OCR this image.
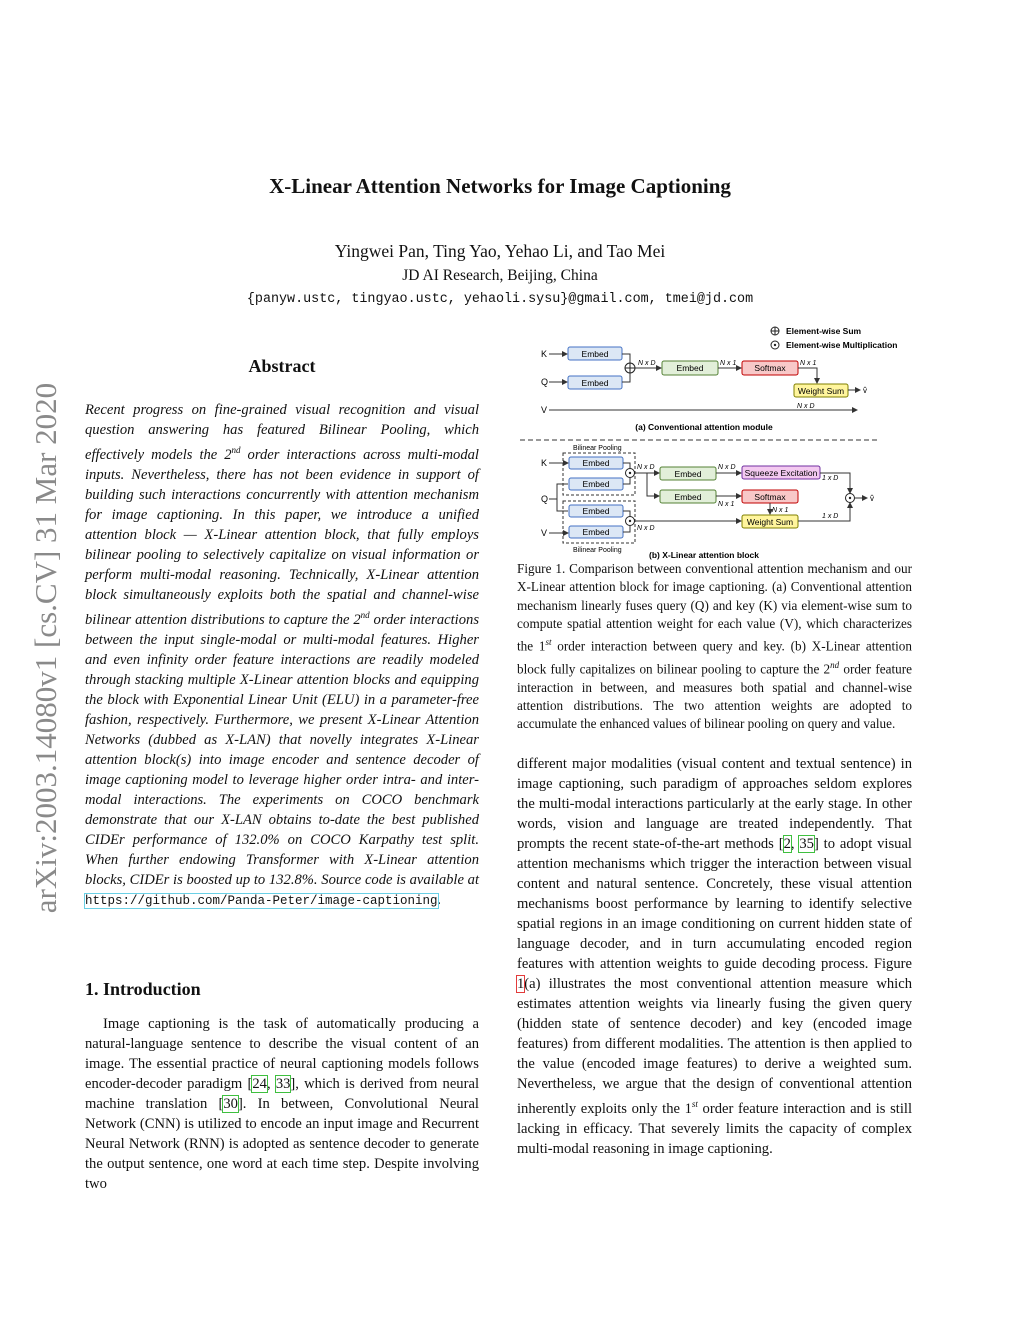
X-Linear Attention Networks for Image Captioning
Yingwei Pan, Ting Yao, Yehao Li, and Tao Mei
JD AI Research, Beijing, China
{panyw.ustc, tingyao.ustc, yehaoli.sysu}@gmail.com, tmei@jd.com
arXiv:2003.14080v1 [cs.CV] 31 Mar 2020
Abstract
Recent progress on fine-grained visual recognition and visual question answering has featured Bilinear Pooling, which effectively models the 2nd order interactions across multi-modal inputs. Nevertheless, there has not been evidence in support of building such interactions concurrently with attention mechanism for image captioning. In this paper, we introduce a unified attention block — X-Linear attention block, that fully employs bilinear pooling to selectively capitalize on visual information or perform multi-modal reasoning. Technically, X-Linear attention block simultaneously exploits both the spatial and channel-wise bilinear attention distributions to capture the 2nd order interactions between the input single-modal or multi-modal features. Higher and even infinity order feature interactions are readily modeled through stacking multiple X-Linear attention blocks and equipping the block with Exponential Linear Unit (ELU) in a parameter-free fashion, respectively. Furthermore, we present X-Linear Attention Networks (dubbed as X-LAN) that novelly integrates X-Linear attention block(s) into image encoder and sentence decoder of image captioning model to leverage higher order intra- and inter-modal interactions. The experiments on COCO benchmark demonstrate that our X-LAN obtains to-date the best published CIDEr performance of 132.0% on COCO Karpathy test split. When further endowing Transformer with X-Linear attention blocks, CIDEr is boosted up to 132.8%. Source code is available at https://github.com/Panda-Peter/image-captioning.
1. Introduction
Image captioning is the task of automatically producing a natural-language sentence to describe the visual content of an image. The essential practice of neural captioning models follows encoder-decoder paradigm [24, 33], which is derived from neural machine translation [30]. In between, Convolutional Neural Network (CNN) is utilized to encode an input image and Recurrent Neural Network (RNN) is adopted as sentence decoder to generate the output sentence, one word at each time step. Despite involving two
Element-wise Sum
Element-wise Multiplication
K
Q
V
Embed
Embed
N x D Embed N x 1 Softmax N x 1
Weight Sum v̂
N x D
(a) Conventional attention module
Bilinear Pooling
Bilinear Pooling
K
Q
V
Embed
Embed
Embed
Embed
N x D
Embed
Embed
N x D
N x D
Squeeze Excitation
N x 1
Softmax
N x 1
Weight Sum
1 x D
1 x D
v̂
(b) X-Linear attention block
Figure 1. Comparison between conventional attention mechanism and our X-Linear attention block for image captioning. (a) Conventional attention mechanism linearly fuses query (Q) and key (K) via element-wise sum to compute spatial attention weight for each value (V), which characterizes the 1st order interaction between query and key. (b) X-Linear attention block fully capitalizes on bilinear pooling to capture the 2nd order feature interaction in between, and measures both spatial and channel-wise attention distributions. The two attention weights are adopted to accumulate the enhanced values of bilinear pooling on query and value.
different major modalities (visual content and textual sentence) in image captioning, such paradigm of approaches seldom explores the multi-modal interactions particularly at the early stage. In other words, vision and language are treated independently. That prompts the recent state-of-the-art methods [2, 35] to adopt visual attention mechanisms which trigger the interaction between visual content and natural sentence. Concretely, these visual attention mechanisms boost performance by learning to identify selective spatial regions in an image conditioning on current hidden state of language decoder, and in turn accumulating encoded region features with attention weights to guide decoding process. Figure 1(a) illustrates the most conventional attention measure which estimates attention weights via linearly fusing the given query (hidden state of sentence decoder) and key (encoded image features) from different modalities. The attention is then applied to the value (encoded image features) to derive a weighted sum. Nevertheless, we argue that the design of conventional attention inherently exploits only the 1st order feature interaction and is still lacking in efficacy. That severely limits the capacity of complex multi-modal reasoning in image captioning.
